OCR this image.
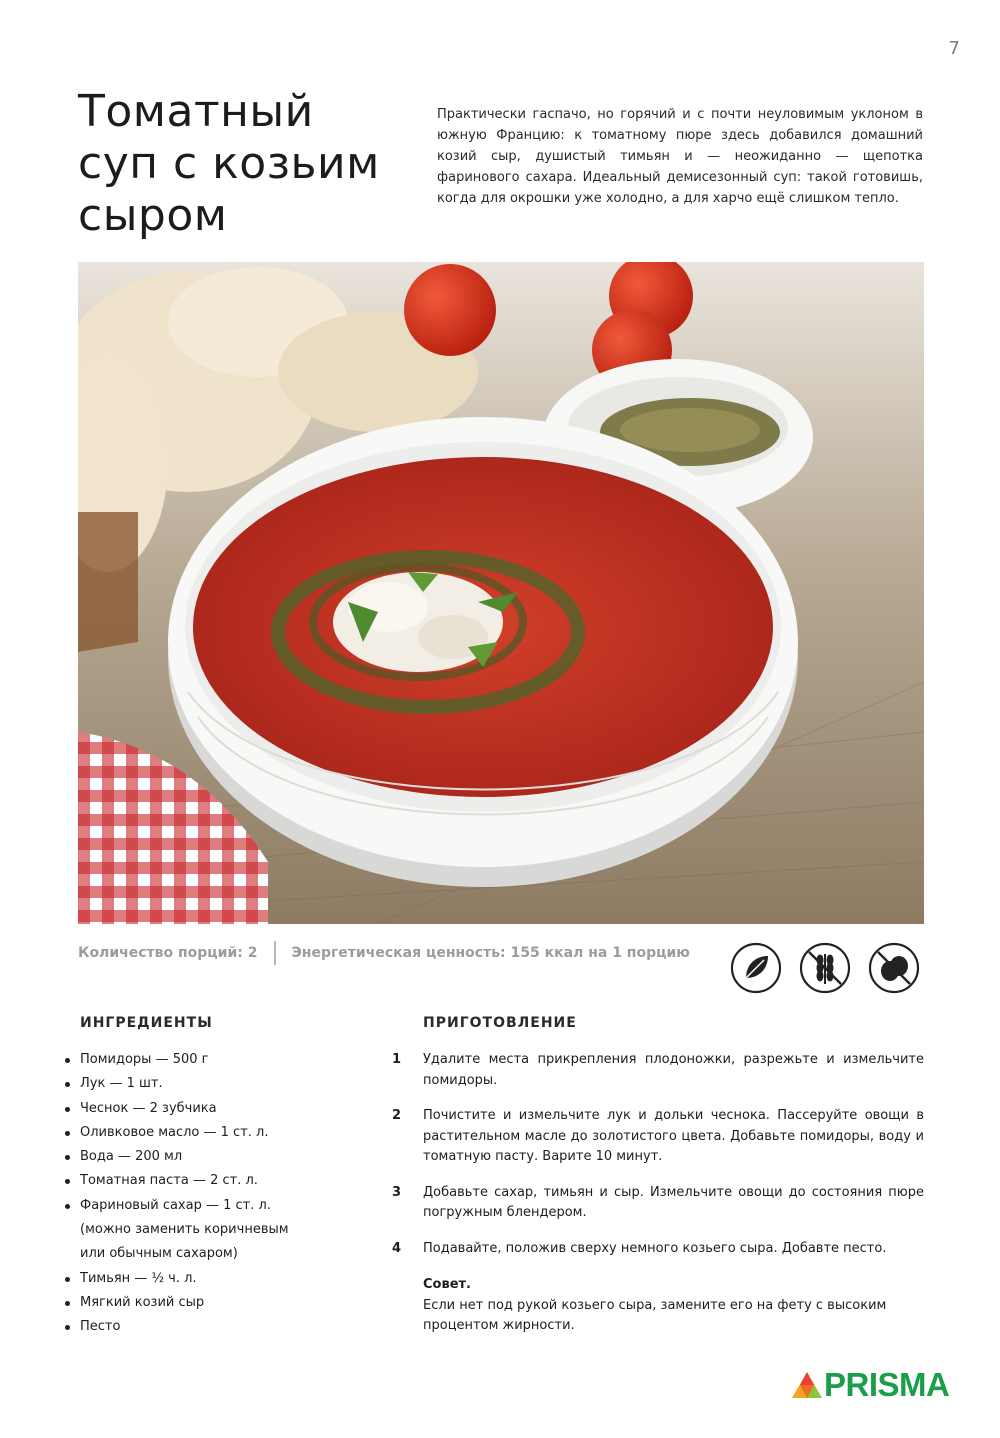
7
Томатный суп с козьим сыром

Практически гаспачо, но горячий и с почти неуловимым уклоном в южную Францию: к томатному пюре здесь добавился домашний козий сыр, душистый тимьян и — неожиданно — щепотка фаринового сахара. Идеальный демисезонный суп: такой готовишь, когда для окрошки уже холодно, а для харчо ещё слишком тепло.

Количество порций: 2 Энергетическая ценность: 155 ккал на 1 порцию
ИНГРЕДИЕНТЫ
Помидоры — 500 г
Лук — 1 шт.
Чеснок — 2 зубчика
Оливковое масло — 1 ст. л.
Вода — 200 мл
Томатная паста — 2 ст. л.
Фариновый сахар — 1 ст. л. (можно заменить коричневым или обычным сахаром)
Тимьян — ½ ч. л.
Мягкий козий сыр
Песто
ПРИГОТОВЛЕНИЕ
1 Удалите места прикрепления плодоножки, разрежьте и измельчите помидоры.
2 Почистите и измельчите лук и дольки чеснока. Пассеруйте овощи в растительном масле до золотистого цвета. Добавьте помидоры, воду и томатную пасту. Варите 10 минут.
3 Добавьте сахар, тимьян и сыр. Измельчите овощи до состояния пюре погружным блендером.
4 Подавайте, положив сверху немного козьего сыра. Добавте песто.
Совет.
Если нет под рукой козьего сыра, замените его на фету с высоким процентом жирности.
PRISMA
